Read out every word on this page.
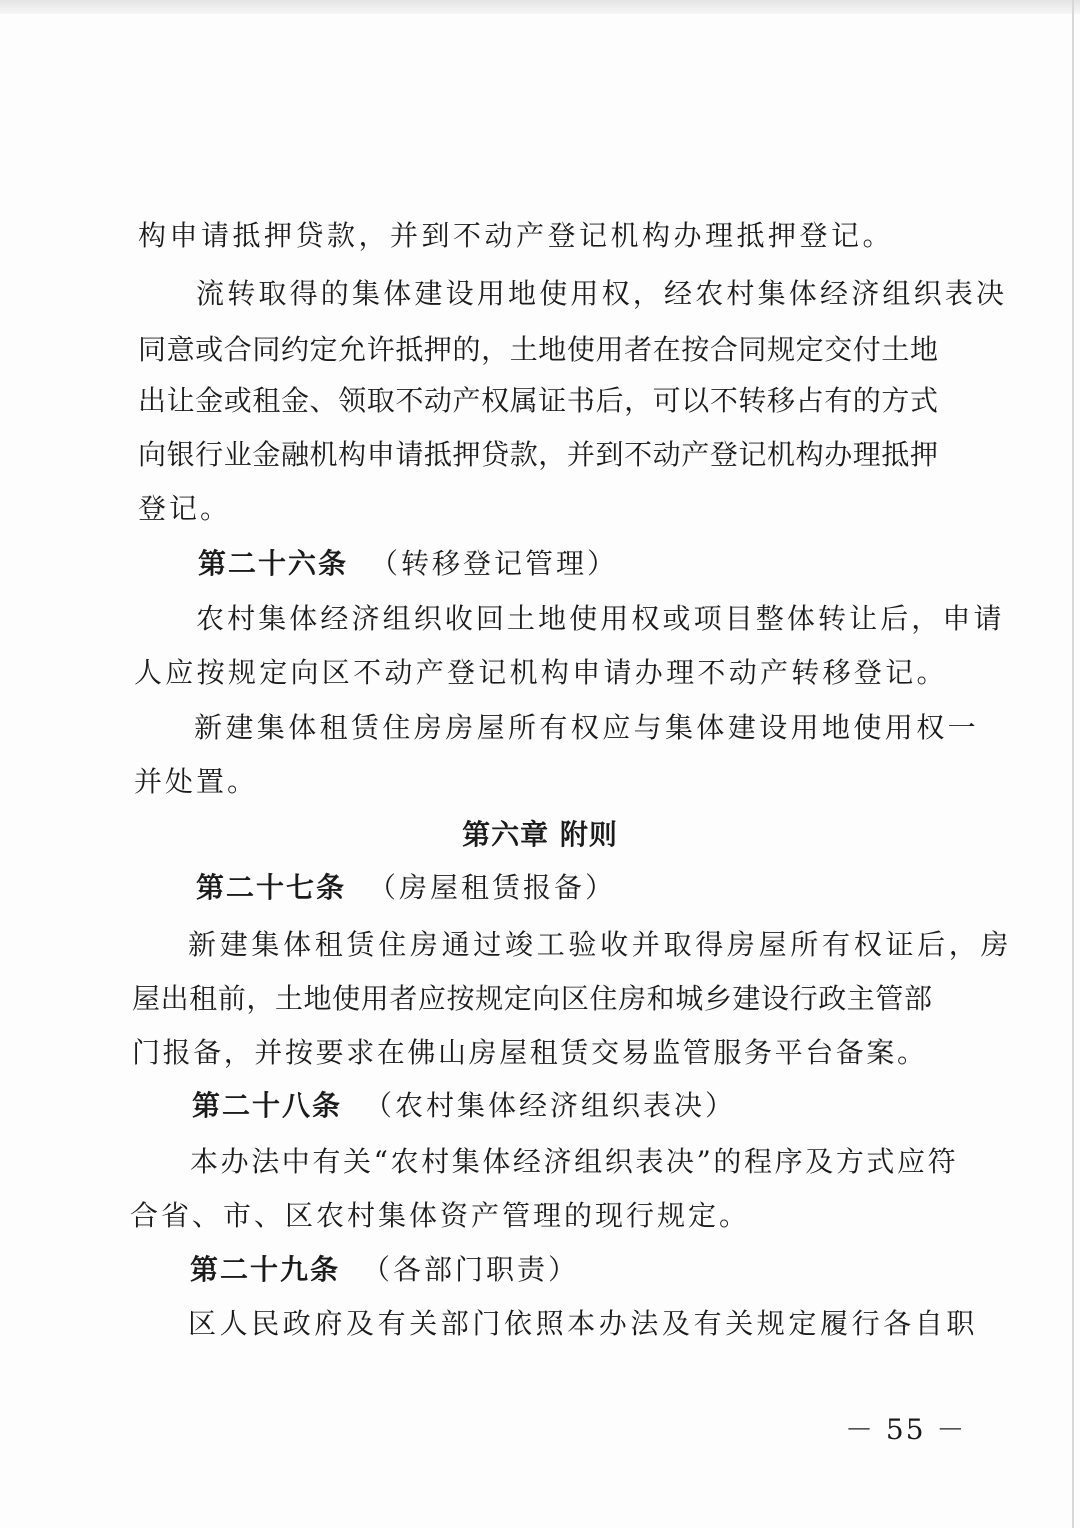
构申请抵押贷款，并到不动产登记机构办理抵押登记。
流转取得的集体建设用地使用权，经农村集体经济组织表决
同意或合同约定允许抵押的，土地使用者在按合同规定交付土地
出让金或租金、领取不动产权属证书后，可以不转移占有的方式
向银行业金融机构申请抵押贷款，并到不动产登记机构办理抵押
登记。
第二十六条 （转移登记管理）
农村集体经济组织收回土地使用权或项目整体转让后，申请
人应按规定向区不动产登记机构申请办理不动产转移登记。
新建集体租赁住房房屋所有权应与集体建设用地使用权一
并处置。
第六章 附则
第二十七条 （房屋租赁报备）
新建集体租赁住房通过竣工验收并取得房屋所有权证后，房
屋出租前，土地使用者应按规定向区住房和城乡建设行政主管部
门报备，并按要求在佛山房屋租赁交易监管服务平台备案。
第二十八条 （农村集体经济组织表决）
本办法中有关“农村集体经济组织表决”的程序及方式应符
合省、市、区农村集体资产管理的现行规定。
第二十九条 （各部门职责）
区人民政府及有关部门依照本办法及有关规定履行各自职
－ 55 －
